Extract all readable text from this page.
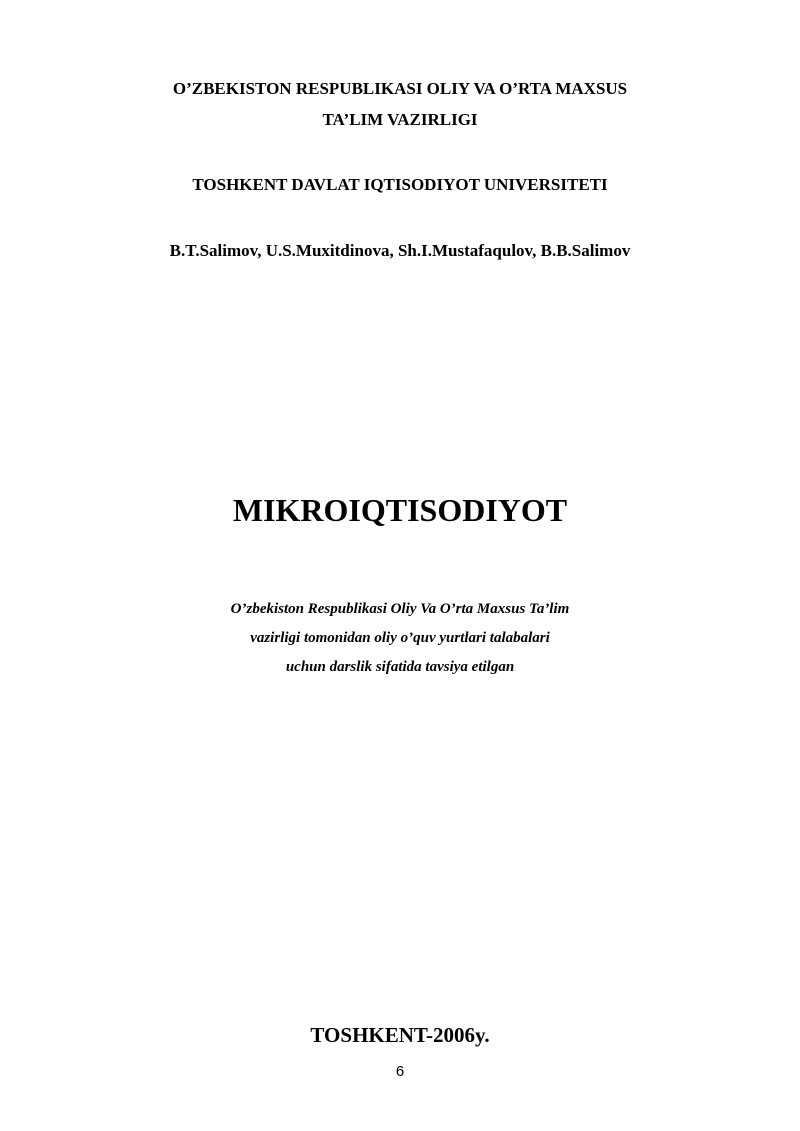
O’ZBEKISTON RESPUBLIKASI OLIY VA O’RTA MAXSUS
TA’LIM VAZIRLIGI
TOSHKENT DAVLAT IQTISODIYOT UNIVERSITETI
B.T.Salimov, U.S.Muxitdinova, Sh.I.Mustafaqulov, B.B.Salimov
MIKROIQTISODIYOT
O’zbekiston Respublikasi Oliy Va O’rta Maxsus Ta’lim
vazirligi tomonidan oliy o’quv yurtlari talabalari
uchun darslik sifatida tavsiya etilgan
TOSHKENT-2006y.
6
